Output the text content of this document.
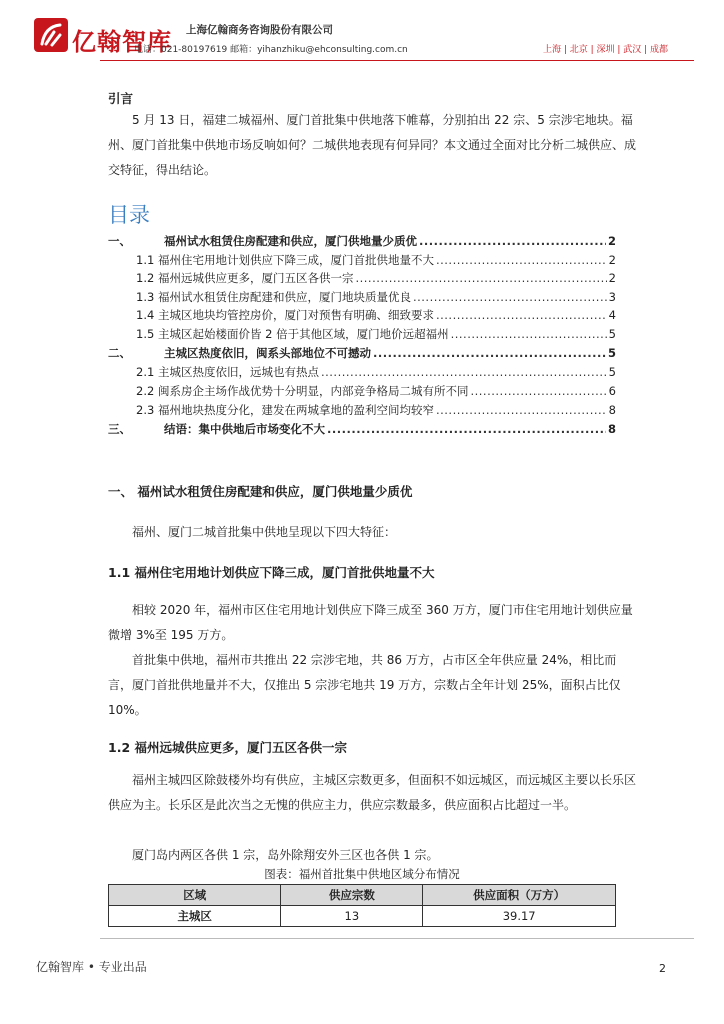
亿翰智库 上海亿翰商务咨询股份有限公司
电话：021-80197619 邮箱：yihanzhiku@ehconsulting.com.cn	上海 | 北京 | 深圳 | 武汉 | 成都
引言
5 月 13 日，福建二城福州、厦门首批集中供地落下帷幕，分别拍出 22 宗、5 宗涉宅地块。福州、厦门首批集中供地市场反响如何？二城供地表现有何异同？本文通过全面对比分析二城供应、成交特征，得出结论。
目录
一、	福州试水租赁住房配建和供应，厦门供地量少质优 .....	2
1.1 福州住宅用地计划供应下降三成，厦门首批供地量不大 .....	2
1.2 福州远城供应更多，厦门五区各供一宗 .....	2
1.3 福州试水租赁住房配建和供应，厦门地块质量优良 .....	3
1.4 主城区地块均管控房价，厦门对预售有明确、细致要求 .....	4
1.5 主城区起始楼面价皆 2 倍于其他区域，厦门地价远超福州 .....	5
二、	主城区热度依旧，闽系头部地位不可撼动 .....	5
2.1 主城区热度依旧，远城也有热点 .....	5
2.2 闽系房企主场作战优势十分明显，内部竞争格局二城有所不同 .....	6
2.3 福州地块热度分化，建发在两城拿地的盈利空间均较窄 .....	8
三、	结语：集中供地后市场变化不大 .....	8
一、 福州试水租赁住房配建和供应，厦门供地量少质优
福州、厦门二城首批集中供地呈现以下四大特征：
1.1 福州住宅用地计划供应下降三成，厦门首批供地量不大
相较 2020 年，福州市区住宅用地计划供应下降三成至 360 万方，厦门市住宅用地计划供应量微增 3%至 195 万方。
首批集中供地，福州市共推出 22 宗涉宅地，共 86 万方，占市区全年供应量 24%，相比而言，厦门首批供地量并不大，仅推出 5 宗涉宅地共 19 万方，宗数占全年计划 25%，面积占比仅 10%。
1.2 福州远城供应更多，厦门五区各供一宗
福州主城四区除鼓楼外均有供应，主城区宗数更多，但面积不如远城区，而远城区主要以长乐区供应为主。长乐区是此次当之无愧的供应主力，供应宗数最多，供应面积占比超过一半。
厦门岛内两区各供 1 宗，岛外除翔安外三区也各供 1 宗。
图表：福州首批集中供地区域分布情况
区域	供应宗数	供应面积（万方）
主城区	13	39.17
亿翰智库 • 专业出品	2
